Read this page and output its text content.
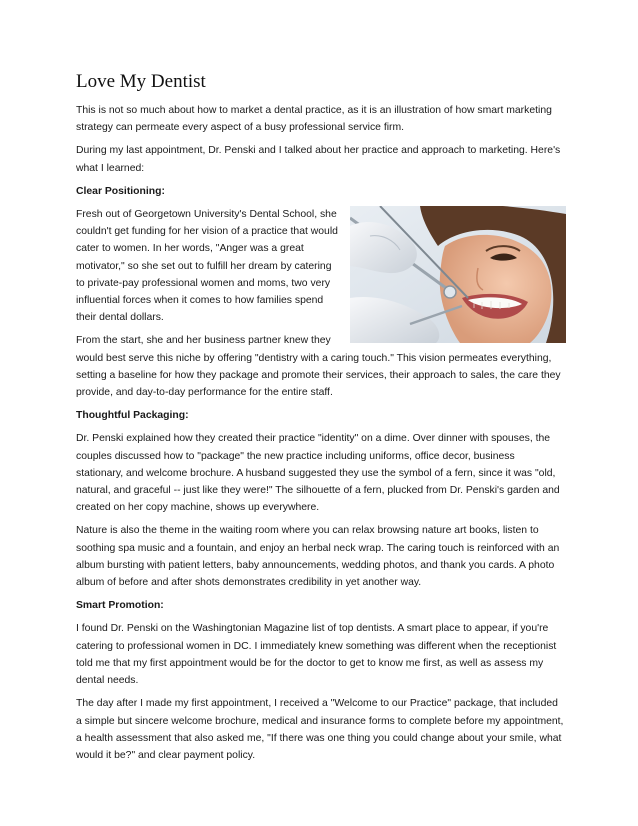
Love My Dentist

This is not so much about how to market a dental practice, as it is an illustration of how smart marketing strategy can permeate every aspect of a busy professional service firm.

During my last appointment, Dr. Penski and I talked about her practice and approach to marketing. Here's what I learned:

Clear Positioning:

Fresh out of Georgetown University's Dental School, she couldn't get funding for her vision of a practice that would cater to women. In her words, "Anger was a great motivator," so she set out to fulfill her dream by catering to private-pay professional women and moms, two very influential forces when it comes to how families spend their dental dollars.

From the start, she and her business partner knew they would best serve this niche by offering "dentistry with a caring touch." This vision permeates everything, setting a baseline for how they package and promote their services, their approach to sales, the care they provide, and day-to-day performance for the entire staff.

Thoughtful Packaging:

Dr. Penski explained how they created their practice "identity" on a dime. Over dinner with spouses, the couples discussed how to "package" the new practice including uniforms, office decor, business stationary, and welcome brochure. A husband suggested they use the symbol of a fern, since it was "old, natural, and graceful -- just like they were!" The silhouette of a fern, plucked from Dr. Penski's garden and created on her copy machine, shows up everywhere.

Nature is also the theme in the waiting room where you can relax browsing nature art books, listen to soothing spa music and a fountain, and enjoy an herbal neck wrap. The caring touch is reinforced with an album bursting with patient letters, baby announcements, wedding photos, and thank you cards. A photo album of before and after shots demonstrates credibility in yet another way.

Smart Promotion:

I found Dr. Penski on the Washingtonian Magazine list of top dentists. A smart place to appear, if you're catering to professional women in DC. I immediately knew something was different when the receptionist told me that my first appointment would be for the doctor to get to know me first, as well as assess my dental needs.

The day after I made my first appointment, I received a "Welcome to our Practice" package, that included a simple but sincere welcome brochure, medical and insurance forms to complete before my appointment, a health assessment that also asked me, "If there was one thing you could change about your smile, what would it be?" and clear payment policy.
